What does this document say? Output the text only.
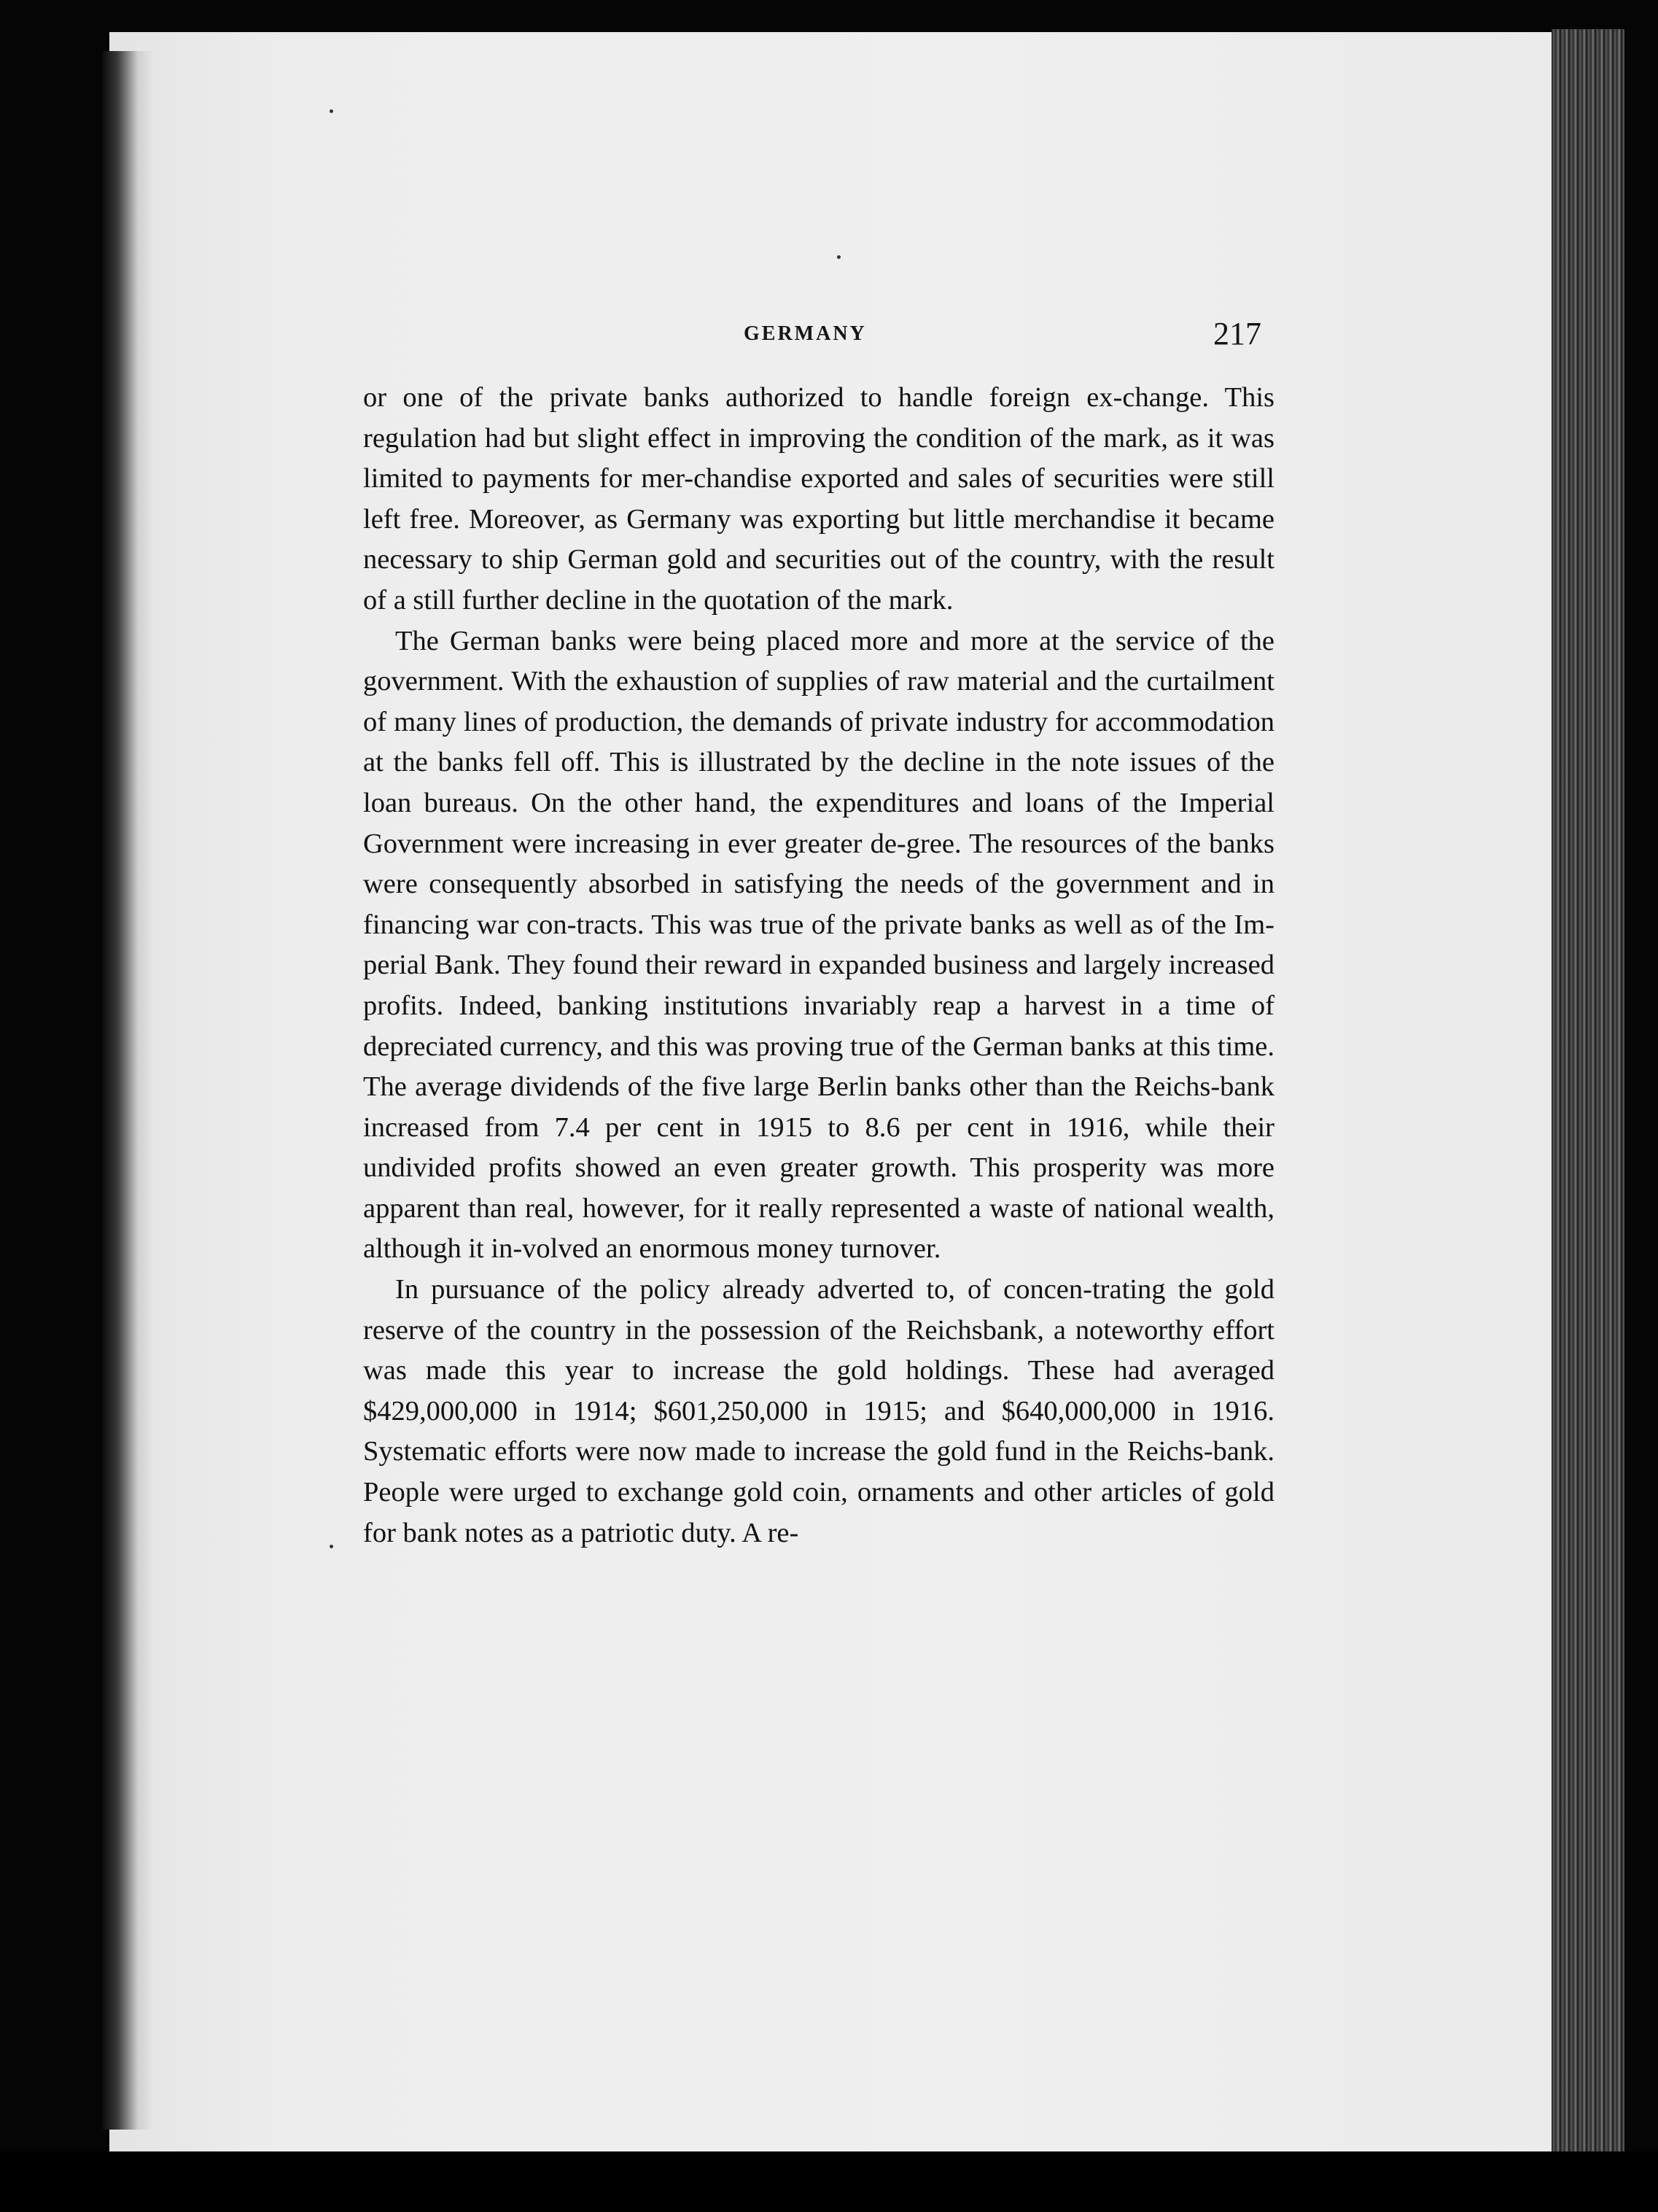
GERMANY	217

or one of the private banks authorized to handle foreign ex-change. This regulation had but slight effect in improving the condition of the mark, as it was limited to payments for mer-chandise exported and sales of securities were still left free. Moreover, as Germany was exporting but little merchandise it became necessary to ship German gold and securities out of the country, with the result of a still further decline in the quotation of the mark.

The German banks were being placed more and more at the service of the government. With the exhaustion of supplies of raw material and the curtailment of many lines of production, the demands of private industry for accommodation at the banks fell off. This is illustrated by the decline in the note issues of the loan bureaus. On the other hand, the expenditures and loans of the Imperial Government were increasing in ever greater de-gree. The resources of the banks were consequently absorbed in satisfying the needs of the government and in financing war con-tracts. This was true of the private banks as well as of the Im-perial Bank. They found their reward in expanded business and largely increased profits. Indeed, banking institutions invariably reap a harvest in a time of depreciated currency, and this was proving true of the German banks at this time. The average dividends of the five large Berlin banks other than the Reichs-bank increased from 7.4 per cent in 1915 to 8.6 per cent in 1916, while their undivided profits showed an even greater growth. This prosperity was more apparent than real, however, for it really represented a waste of national wealth, although it in-volved an enormous money turnover.

In pursuance of the policy already adverted to, of concen-trating the gold reserve of the country in the possession of the Reichsbank, a noteworthy effort was made this year to increase the gold holdings. These had averaged $429,000,000 in 1914; $601,250,000 in 1915; and $640,000,000 in 1916. Systematic efforts were now made to increase the gold fund in the Reichs-bank. People were urged to exchange gold coin, ornaments and other articles of gold for bank notes as a patriotic duty. A re-
